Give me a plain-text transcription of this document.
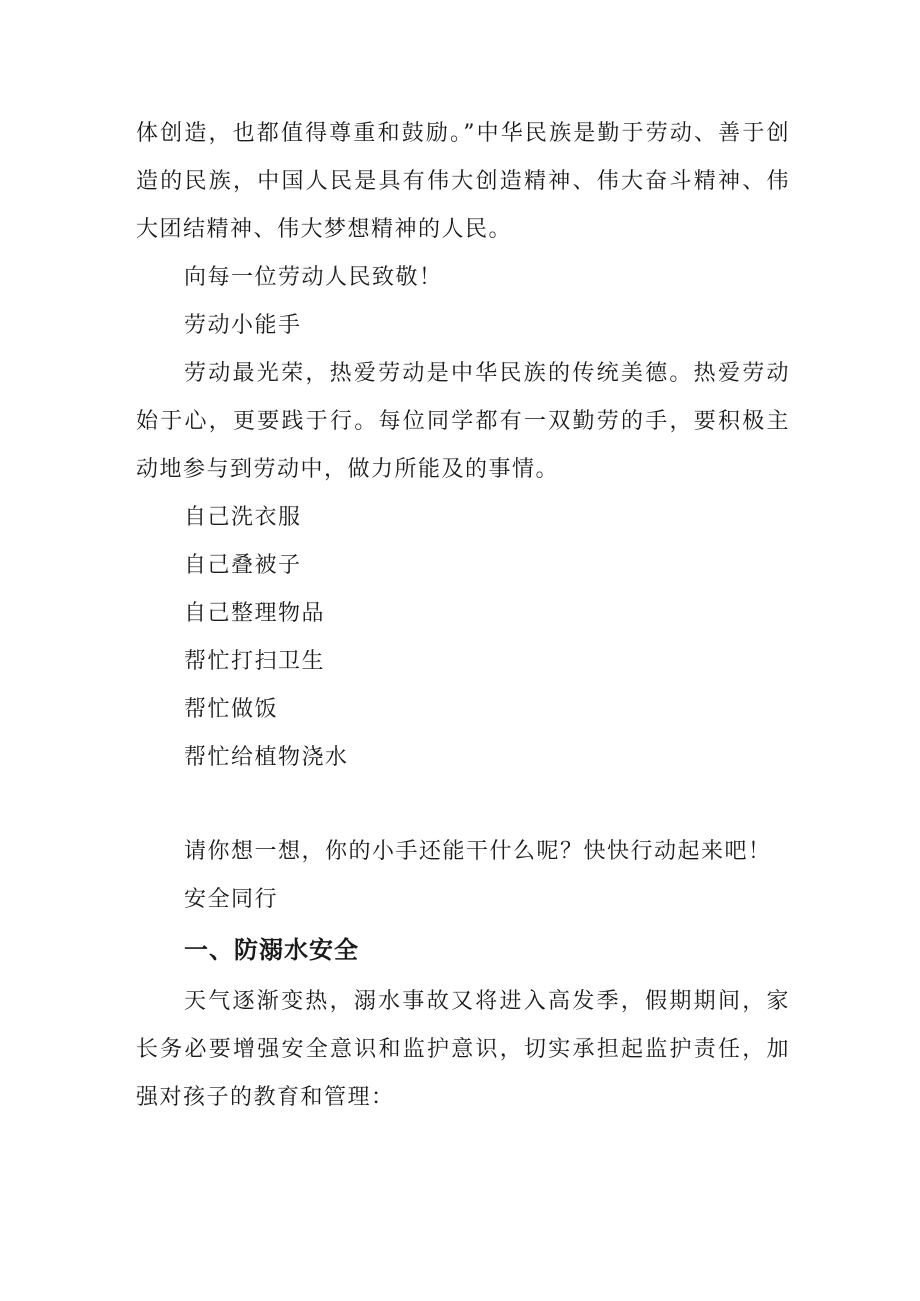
体创造，也都值得尊重和鼓励。”中华民族是勤于劳动、善于创造的民族，中国人民是具有伟大创造精神、伟大奋斗精神、伟大团结精神、伟大梦想精神的人民。

向每一位劳动人民致敬！

劳动小能手

劳动最光荣，热爱劳动是中华民族的传统美德。热爱劳动始于心，更要践于行。每位同学都有一双勤劳的手，要积极主动地参与到劳动中，做力所能及的事情。

自己洗衣服

自己叠被子

自己整理物品

帮忙打扫卫生

帮忙做饭

帮忙给植物浇水

请你想一想，你的小手还能干什么呢？快快行动起来吧！

安全同行

一、防溺水安全

天气逐渐变热，溺水事故又将进入高发季，假期期间，家长务必要增强安全意识和监护意识，切实承担起监护责任，加强对孩子的教育和管理：
